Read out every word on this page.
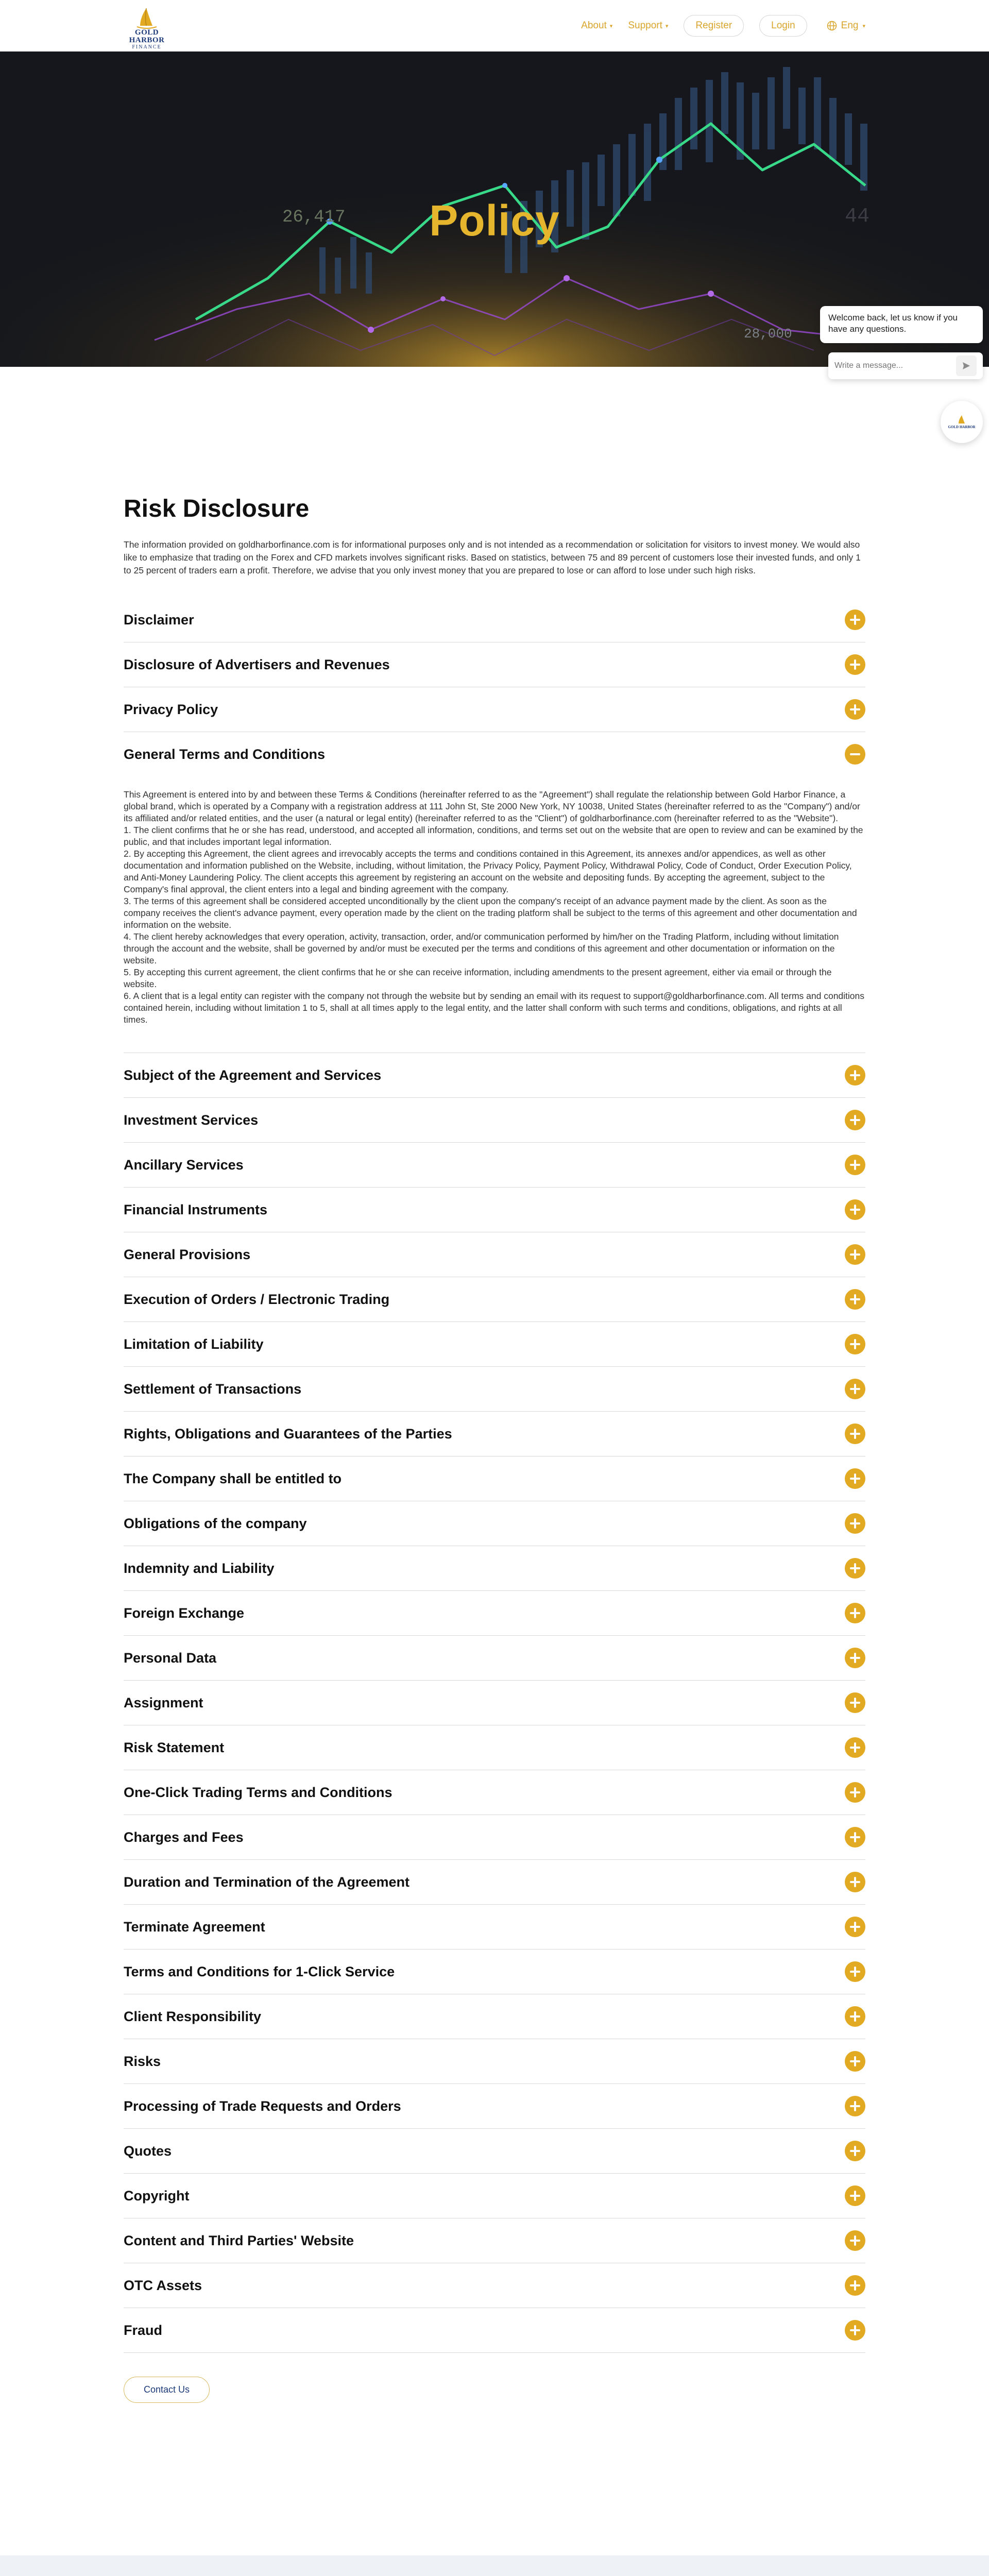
GOLD HARBOR
FINANCE
About ▾ Support ▾	Register	Login	Eng ▾
44
26,417	Policy
28,000
Welcome back, let us know if you have any questions.
Write a message...
GOLD HARBOR
Risk Disclosure

The information provided on goldharborfinance.com is for informational purposes only and is not intended as a recommendation or solicitation for visitors to invest money. We would also like to emphasize that trading on the Forex and CFD markets involves significant risks. Based on statistics, between 75 and 89 percent of customers lose their invested funds, and only 1 to 25 percent of traders earn a profit. Therefore, we advise that you only invest money that you are prepared to lose or can afford to lose under such high risks.

Disclaimer
Disclosure of Advertisers and Revenues
Privacy Policy
General Terms and Conditions

This Agreement is entered into by and between these Terms & Conditions (hereinafter referred to as the "Agreement") shall regulate the relationship between Gold Harbor Finance, a global brand, which is operated by a Company with a registration address at 111 John St, Ste 2000 New York, NY 10038, United States (hereinafter referred to as the "Company") and/or its affiliated and/or related entities, and the user (a natural or legal entity) (hereinafter referred to as the "Client") of goldharborfinance.com (hereinafter referred to as the "Website").

1. The client confirms that he or she has read, understood, and accepted all information, conditions, and terms set out on the website that are open to review and can be examined by the public, and that includes important legal information.

2. By accepting this Agreement, the client agrees and irrevocably accepts the terms and conditions contained in this Agreement, its annexes and/or appendices, as well as other documentation and information published on the Website, including, without limitation, the Privacy Policy, Payment Policy, Withdrawal Policy, Code of Conduct, Order Execution Policy, and Anti-Money Laundering Policy. The client accepts this agreement by registering an account on the website and depositing funds. By accepting the agreement, subject to the Company's final approval, the client enters into a legal and binding agreement with the company.

3. The terms of this agreement shall be considered accepted unconditionally by the client upon the company's receipt of an advance payment made by the client. As soon as the company receives the client's advance payment, every operation made by the client on the trading platform shall be subject to the terms of this agreement and other documentation and information on the website.

4. The client hereby acknowledges that every operation, activity, transaction, order, and/or communication performed by him/her on the Trading Platform, including without limitation through the account and the website, shall be governed by and/or must be executed per the terms and conditions of this agreement and other documentation or information on the website.

5. By accepting this current agreement, the client confirms that he or she can receive information, including amendments to the present agreement, either via email or through the website.

6. A client that is a legal entity can register with the company not through the website but by sending an email with its request to support@goldharborfinance.com. All terms and conditions contained herein, including without limitation 1 to 5, shall at all times apply to the legal entity, and the latter shall conform with such terms and conditions, obligations, and rights at all times.

Subject of the Agreement and Services
Investment Services
Ancillary Services
Financial Instruments
General Provisions
Execution of Orders / Electronic Trading
Limitation of Liability
Settlement of Transactions
Rights, Obligations and Guarantees of the Parties
The Company shall be entitled to
Obligations of the company
Indemnity and Liability
Foreign Exchange
Personal Data
Assignment
Risk Statement
One-Click Trading Terms and Conditions
Charges and Fees
Duration and Termination of the Agreement
Terminate Agreement
Terms and Conditions for 1-Click Service
Client Responsibility
Risks
Processing of Trade Requests and Orders
Quotes
Copyright
Content and Third Parties' Website
OTC Assets
Fraud
Contact Us
